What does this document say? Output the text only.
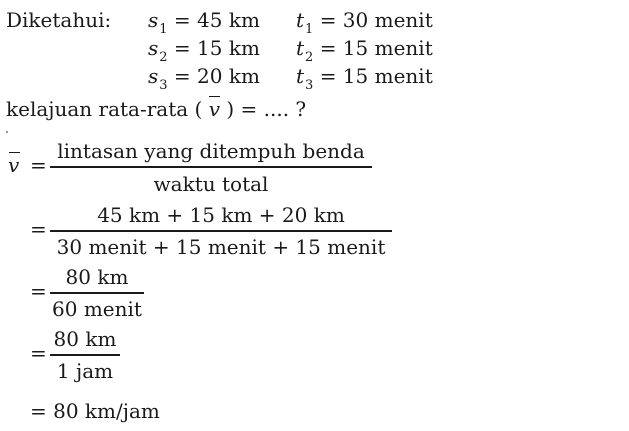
Diketahui: $s_1 = 45$ km $t_1 = 30$ menit
$s_2 = 15$ km $t_2 = 15$ menit
$s_3 = 20$ km $t_3 = 15$ menit
kelajuan rata-rata ( v ) = .... ?
v =
lintasan yang ditempuh benda
waktu total
=
45 km + 15 km + 20 km
30 menit + 15 menit + 15 menit
=
80 km
60 menit
=
80 km
1 jam
= 80 km/jam
